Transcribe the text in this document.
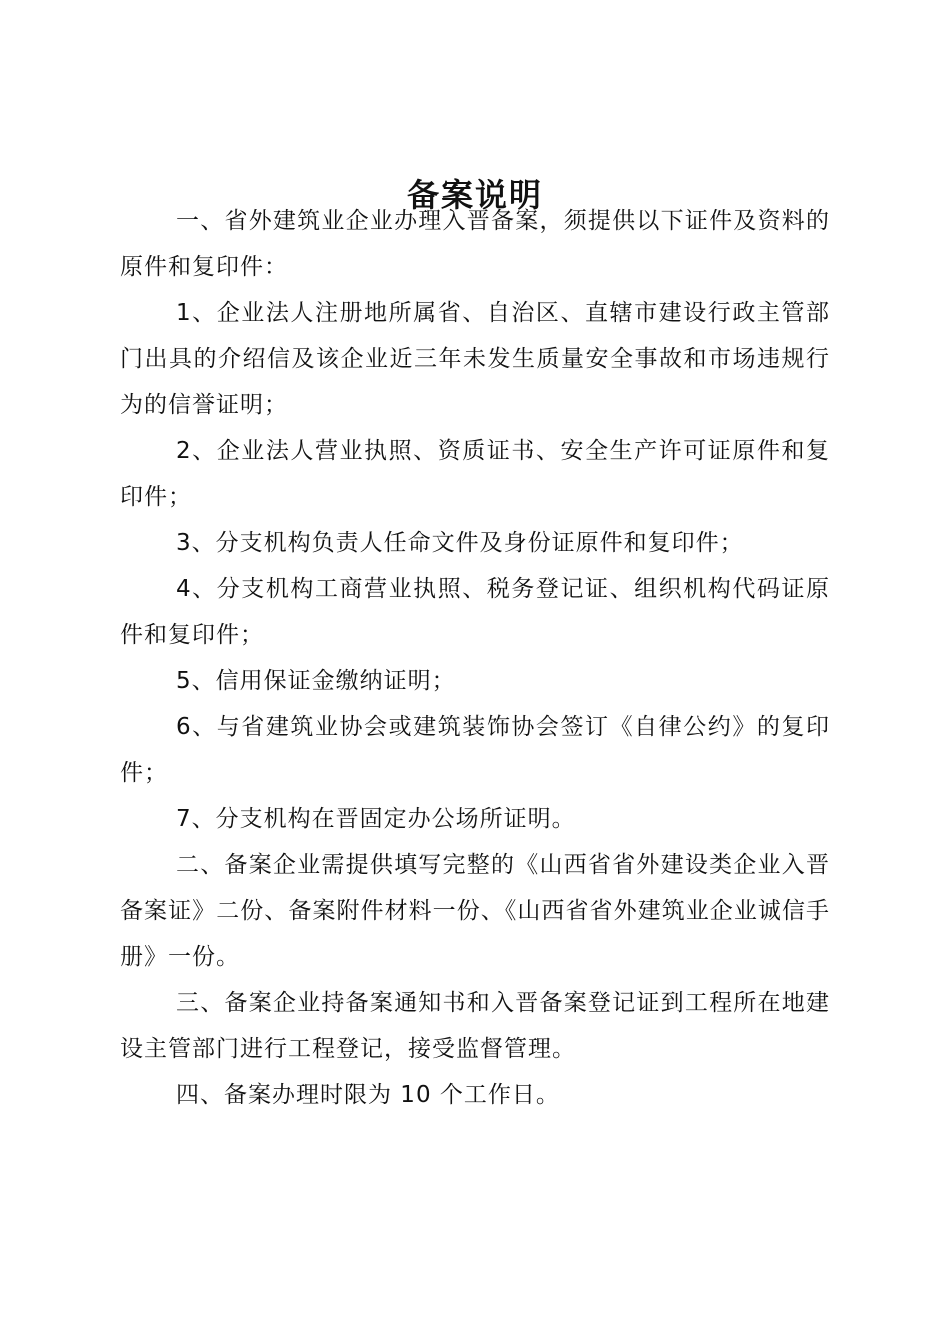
备案说明

一、省外建筑业企业办理入晋备案，须提供以下证件及资料的原件和复印件：

1、企业法人注册地所属省、自治区、直辖市建设行政主管部门出具的介绍信及该企业近三年未发生质量安全事故和市场违规行为的信誉证明；

2、企业法人营业执照、资质证书、安全生产许可证原件和复印件；

3、分支机构负责人任命文件及身份证原件和复印件；

4、分支机构工商营业执照、税务登记证、组织机构代码证原件和复印件；

5、信用保证金缴纳证明；

6、与省建筑业协会或建筑装饰协会签订《自律公约》的复印件；

7、分支机构在晋固定办公场所证明。

二、备案企业需提供填写完整的《山西省省外建设类企业入晋备案证》二份、备案附件材料一份、《山西省省外建筑业企业诚信手册》一份。

三、备案企业持备案通知书和入晋备案登记证到工程所在地建设主管部门进行工程登记，接受监督管理。

四、备案办理时限为 10 个工作日。
